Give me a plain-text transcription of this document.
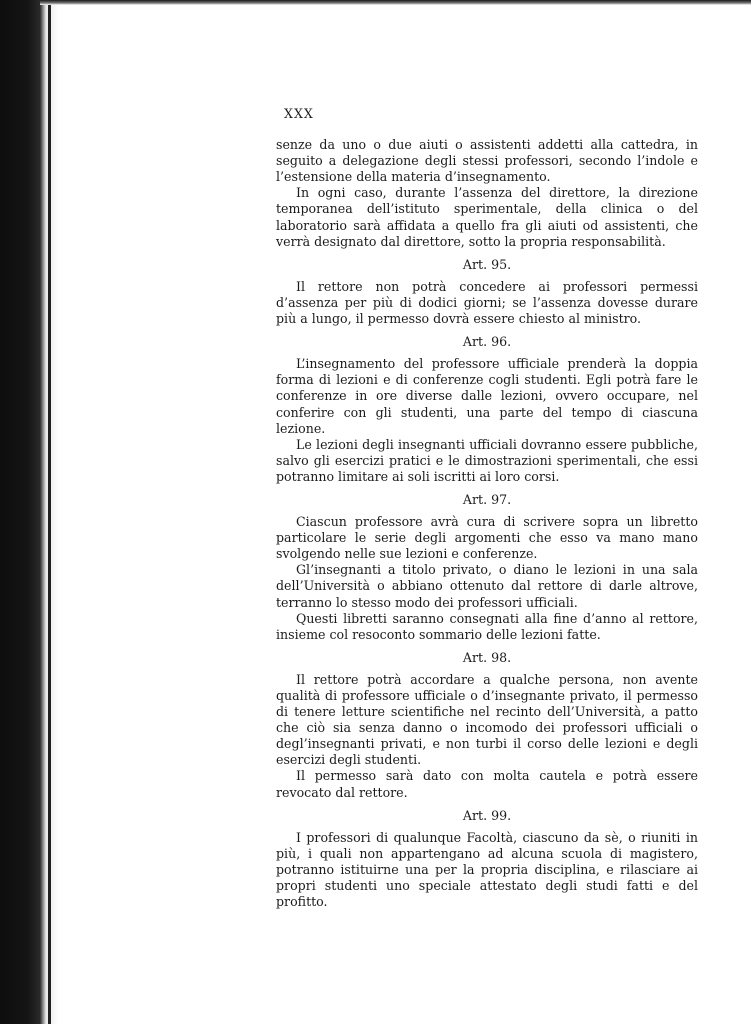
XXX

senze da uno o due aiuti o assistenti addetti alla cattedra, in seguito a delegazione degli stessi professori, secondo l’indole e l’estensione della materia d’insegnamento.

In ogni caso, durante l’assenza del direttore, la direzione temporanea dell’istituto sperimentale, della clinica o del laboratorio sarà affidata a quello fra gli aiuti od assistenti, che verrà designato dal direttore, sotto la propria responsabilità.

Art. 95.

Il rettore non potrà concedere ai professori permessi d’assenza per più di dodici giorni; se l’assenza dovesse durare più a lungo, il permesso dovrà essere chiesto al ministro.

Art. 96.

L’insegnamento del professore ufficiale prenderà la doppia forma di lezioni e di conferenze cogli studenti. Egli potrà fare le conferenze in ore diverse dalle lezioni, ovvero occupare, nel conferire con gli studenti, una parte del tempo di ciascuna lezione.

Le lezioni degli insegnanti ufficiali dovranno essere pubbliche, salvo gli esercizi pratici e le dimostrazioni sperimentali, che essi potranno limitare ai soli iscritti ai loro corsi.

Art. 97.

Ciascun professore avrà cura di scrivere sopra un libretto particolare le serie degli argomenti che esso va mano mano svolgendo nelle sue lezioni e conferenze.

Gl’insegnanti a titolo privato, o diano le lezioni in una sala dell’Università o abbiano ottenuto dal rettore di darle altrove, terranno lo stesso modo dei professori ufficiali.

Questi libretti saranno consegnati alla fine d’anno al rettore, insieme col resoconto sommario delle lezioni fatte.

Art. 98.

Il rettore potrà accordare a qualche persona, non avente qualità di professore ufficiale o d’insegnante privato, il permesso di tenere letture scientifiche nel recinto dell’Università, a patto che ciò sia senza danno o incomodo dei professori ufficiali o degl’insegnanti privati, e non turbi il corso delle lezioni e degli esercizi degli studenti.

Il permesso sarà dato con molta cautela e potrà essere revocato dal rettore.

Art. 99.

I professori di qualunque Facoltà, ciascuno da sè, o riuniti in più, i quali non appartengano ad alcuna scuola di magistero, potranno istituirne una per la propria disciplina, e rilasciare ai propri studenti uno speciale attestato degli studi fatti e del profitto.
